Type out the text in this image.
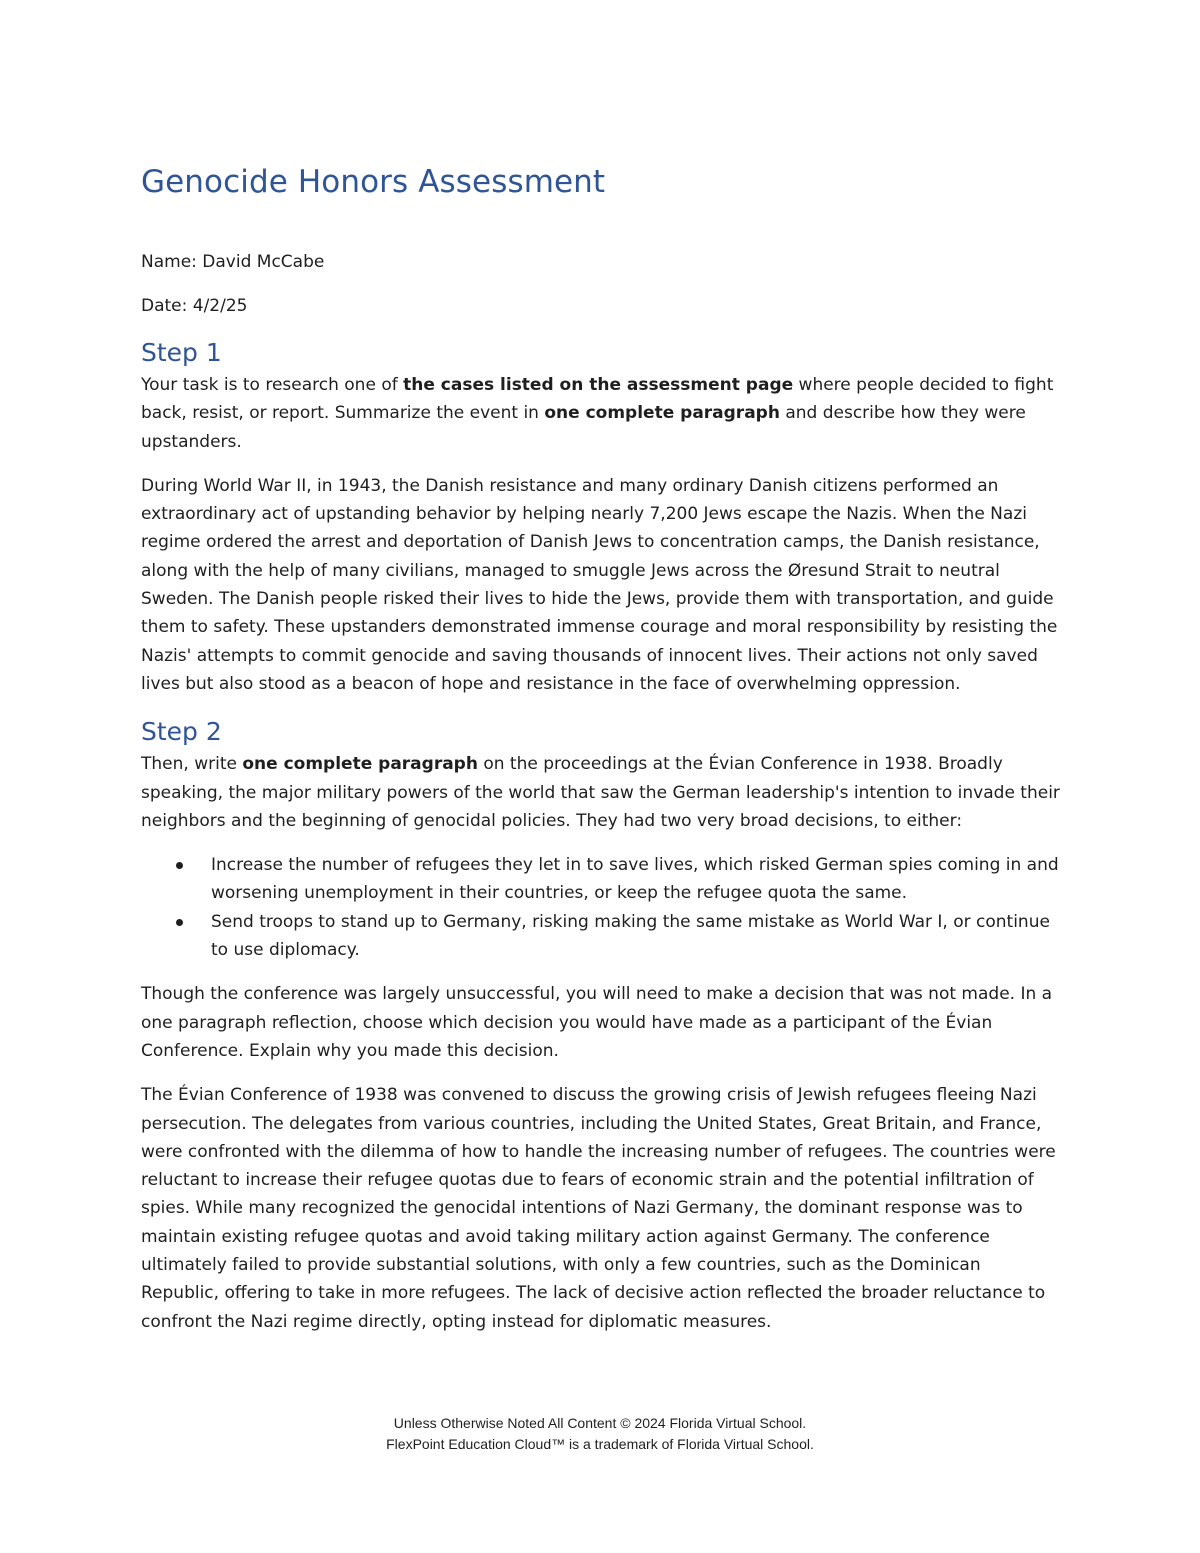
Genocide Honors Assessment

Name: David McCabe

Date: 4/2/25

Step 1

Your task is to research one of the cases listed on the assessment page where people decided to fight back, resist, or report. Summarize the event in one complete paragraph and describe how they were upstanders.

During World War II, in 1943, the Danish resistance and many ordinary Danish citizens performed an extraordinary act of upstanding behavior by helping nearly 7,200 Jews escape the Nazis. When the Nazi regime ordered the arrest and deportation of Danish Jews to concentration camps, the Danish resistance, along with the help of many civilians, managed to smuggle Jews across the Øresund Strait to neutral Sweden. The Danish people risked their lives to hide the Jews, provide them with transportation, and guide them to safety. These upstanders demonstrated immense courage and moral responsibility by resisting the Nazis' attempts to commit genocide and saving thousands of innocent lives. Their actions not only saved lives but also stood as a beacon of hope and resistance in the face of overwhelming oppression.

Step 2

Then, write one complete paragraph on the proceedings at the Évian Conference in 1938. Broadly speaking, the major military powers of the world that saw the German leadership's intention to invade their neighbors and the beginning of genocidal policies. They had two very broad decisions, to either:

Increase the number of refugees they let in to save lives, which risked German spies coming in and worsening unemployment in their countries, or keep the refugee quota the same.
Send troops to stand up to Germany, risking making the same mistake as World War I, or continue to use diplomacy.

Though the conference was largely unsuccessful, you will need to make a decision that was not made. In a one paragraph reflection, choose which decision you would have made as a participant of the Évian Conference. Explain why you made this decision.

The Évian Conference of 1938 was convened to discuss the growing crisis of Jewish refugees fleeing Nazi persecution. The delegates from various countries, including the United States, Great Britain, and France, were confronted with the dilemma of how to handle the increasing number of refugees. The countries were reluctant to increase their refugee quotas due to fears of economic strain and the potential infiltration of spies. While many recognized the genocidal intentions of Nazi Germany, the dominant response was to maintain existing refugee quotas and avoid taking military action against Germany. The conference ultimately failed to provide substantial solutions, with only a few countries, such as the Dominican Republic, offering to take in more refugees. The lack of decisive action reflected the broader reluctance to confront the Nazi regime directly, opting instead for diplomatic measures.

Unless Otherwise Noted All Content © 2024 Florida Virtual School.
FlexPoint Education Cloud™ is a trademark of Florida Virtual School.
